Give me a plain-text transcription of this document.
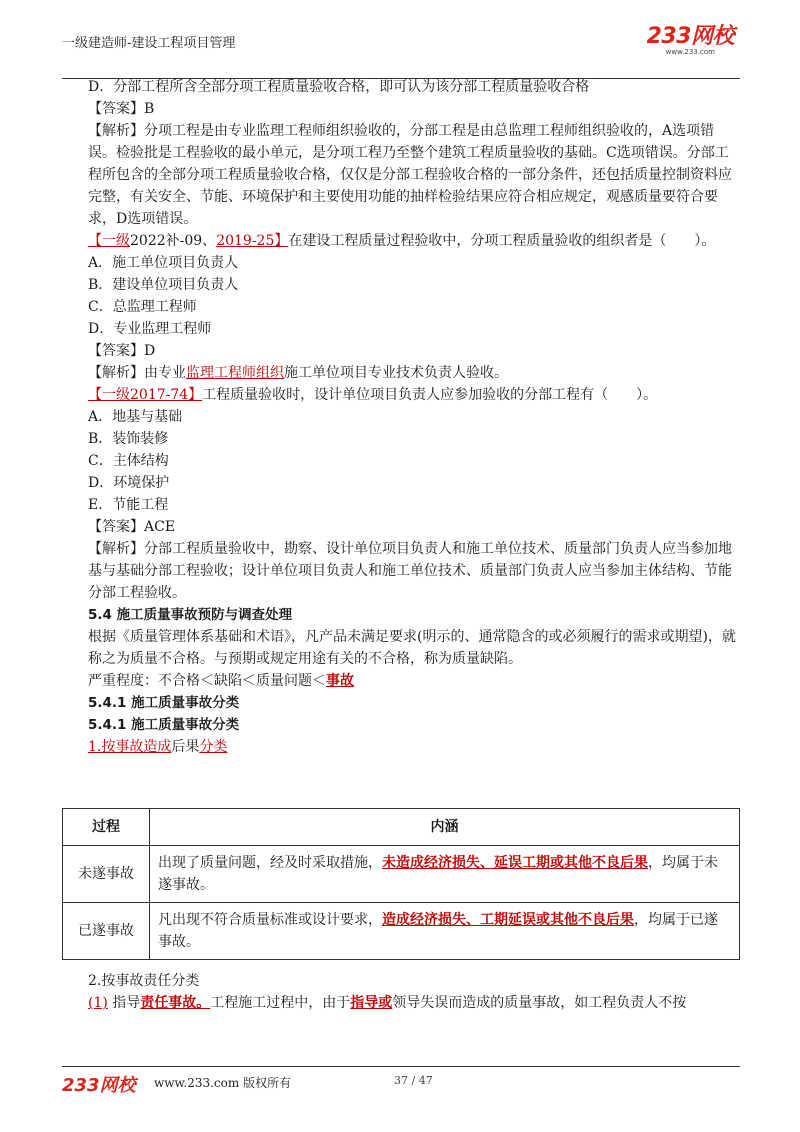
一级建造师-建设工程项目管理	233网校
www.233.com

D．分部工程所含全部分项工程质量验收合格，即可认为该分部工程质量验收合格

【答案】B

【解析】分项工程是由专业监理工程师组织验收的，分部工程是由总监理工程师组织验收的，A选项错误。检验批是工程验收的最小单元，是分项工程乃至整个建筑工程质量验收的基础。C选项错误。分部工程所包含的全部分项工程质量验收合格，仅仅是分部工程验收合格的一部分条件，还包括质量控制资料应完整，有关安全、节能、环境保护和主要使用功能的抽样检验结果应符合相应规定，观感质量要符合要求，D选项错误。

【一级2022补-09、2019-25】在建设工程质量过程验收中，分项工程质量验收的组织者是（　　）。

A．施工单位项目负责人

B．建设单位项目负责人

C．总监理工程师

D．专业监理工程师

【答案】D

【解析】由专业监理工程师组织施工单位项目专业技术负责人验收。

【一级2017-74】工程质量验收时，设计单位项目负责人应参加验收的分部工程有（　　）。

A．地基与基础

B．装饰装修

C．主体结构

D．环境保护

E．节能工程

【答案】ACE

【解析】分部工程质量验收中，勘察、设计单位项目负责人和施工单位技术、质量部门负责人应当参加地基与基础分部工程验收；设计单位项目负责人和施工单位技术、质量部门负责人应当参加主体结构、节能分部工程验收。

5.4 施工质量事故预防与调查处理

根据《质量管理体系基础和术语》，凡产品未满足要求(明示的、通常隐含的或必须履行的需求或期望)，就称之为质量不合格。与预期或规定用途有关的不合格，称为质量缺陷。

严重程度：不合格＜缺陷＜质量问题＜事故

5.4.1 施工质量事故分类

5.4.1 施工质量事故分类

1.按事故造成后果分类

过程	内涵
未遂事故	出现了质量问题，经及时采取措施，未造成经济损失、延误工期或其他不良后果，均属于未遂事故。
已遂事故	凡出现不符合质量标准或设计要求，造成经济损失、工期延误或其他不良后果，均属于已遂事故。

2.按事故责任分类

(1) 指导责任事故。工程施工过程中，由于指导或领导失误而造成的质量事故，如工程负责人不按

233网校 www.233.com 版权所有	37 / 47
